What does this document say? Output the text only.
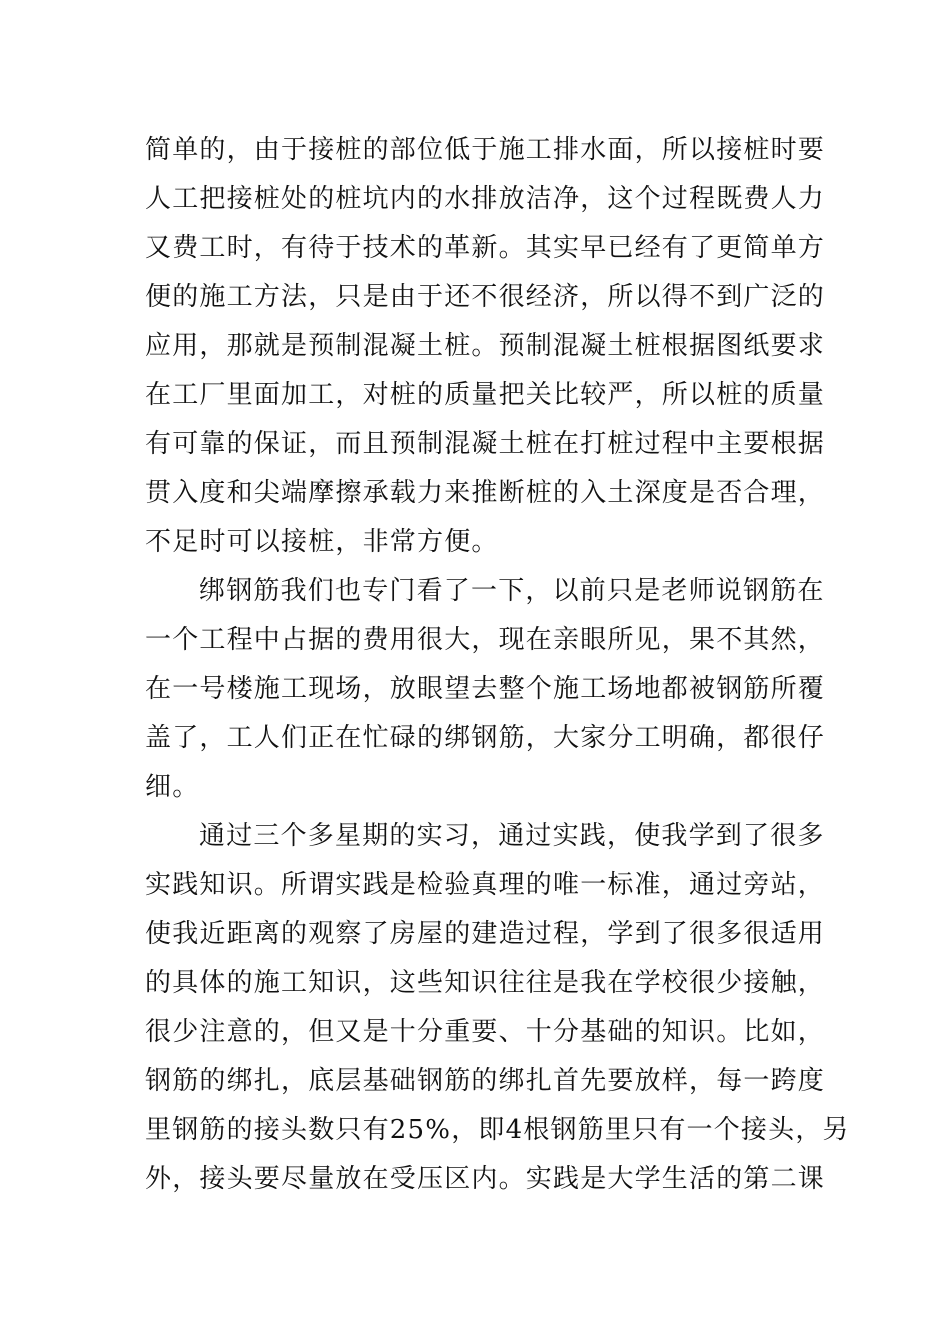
简单的，由于接桩的部位低于施工排水面，所以接桩时要
人工把接桩处的桩坑内的水排放洁净，这个过程既费人力
又费工时，有待于技术的革新。其实早已经有了更简单方
便的施工方法，只是由于还不很经济，所以得不到广泛的
应用，那就是预制混凝土桩。预制混凝土桩根据图纸要求
在工厂里面加工，对桩的质量把关比较严，所以桩的质量
有可靠的保证，而且预制混凝土桩在打桩过程中主要根据
贯入度和尖端摩擦承载力来推断桩的入土深度是否合理，
不足时可以接桩，非常方便。
绑钢筋我们也专门看了一下，以前只是老师说钢筋在
一个工程中占据的费用很大，现在亲眼所见，果不其然，
在一号楼施工现场，放眼望去整个施工场地都被钢筋所覆
盖了，工人们正在忙碌的绑钢筋，大家分工明确，都很仔
细。
通过三个多星期的实习，通过实践，使我学到了很多
实践知识。所谓实践是检验真理的唯一标准，通过旁站，
使我近距离的观察了房屋的建造过程，学到了很多很适用
的具体的施工知识，这些知识往往是我在学校很少接触，
很少注意的，但又是十分重要、十分基础的知识。比如，
钢筋的绑扎，底层基础钢筋的绑扎首先要放样，每一跨度
里钢筋的接头数只有25%，即4根钢筋里只有一个接头，另
外，接头要尽量放在受压区内。实践是大学生活的第二课
